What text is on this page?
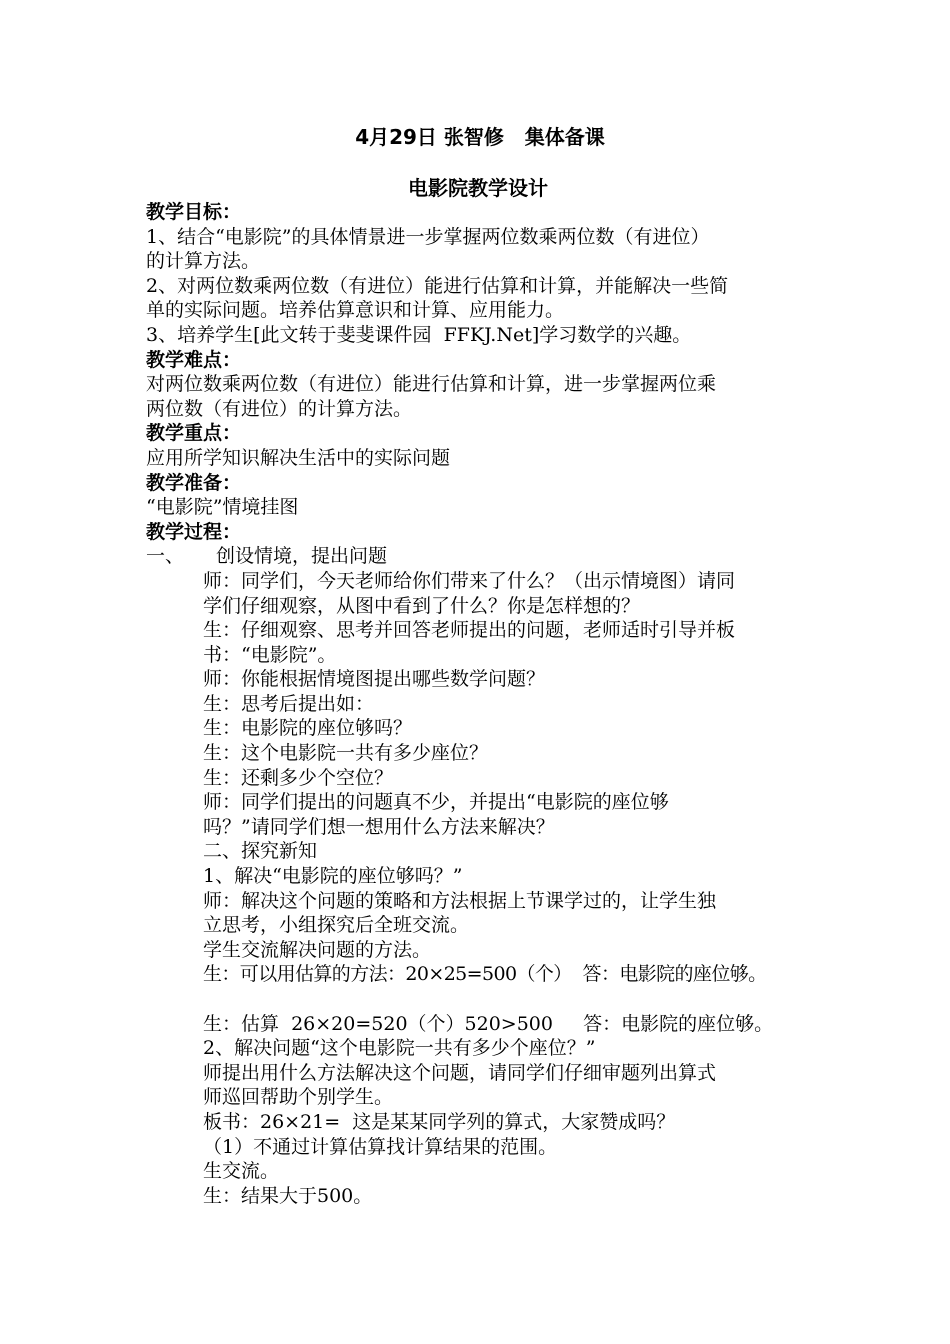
4月29日 张智修   集体备课
电影院教学设计
教学目标：
1、结合“电影院”的具体情景进一步掌握两位数乘两位数（有进位）
的计算方法。
2、对两位数乘两位数（有进位）能进行估算和计算，并能解决一些简
单的实际问题。培养估算意识和计算、应用能力。
3、培养学生[此文转于斐斐课件园  FFKJ.Net]学习数学的兴趣。
教学难点：
对两位数乘两位数（有进位）能进行估算和计算，进一步掌握两位乘
两位数（有进位）的计算方法。
教学重点：
应用所学知识解决生活中的实际问题
教学准备：
“电影院”情境挂图
教学过程：
一、 创设情境，提出问题
师：同学们，今天老师给你们带来了什么？（出示情境图）请同
学们仔细观察，从图中看到了什么？你是怎样想的？
生：仔细观察、思考并回答老师提出的问题，老师适时引导并板
书：“电影院”。
师：你能根据情境图提出哪些数学问题？
生：思考后提出如：
生：电影院的座位够吗？
生：这个电影院一共有多少座位？
生：还剩多少个空位？
师：同学们提出的问题真不少，并提出“电影院的座位够
吗？”请同学们想一想用什么方法来解决？
二、探究新知
1、解决“电影院的座位够吗？”
师：解决这个问题的策略和方法根据上节课学过的，让学生独
立思考，小组探究后全班交流。
学生交流解决问题的方法。
生：可以用估算的方法：20×25=500（个）  答：电影院的座位够。
生：估算  26×20=520（个）520>500     答：电影院的座位够。
2、解决问题“这个电影院一共有多少个座位？”
师提出用什么方法解决这个问题，请同学们仔细审题列出算式
师巡回帮助个别学生。
板书：26×21=  这是某某同学列的算式，大家赞成吗？
（1）不通过计算估算找计算结果的范围。
生交流。
生：结果大于500。
